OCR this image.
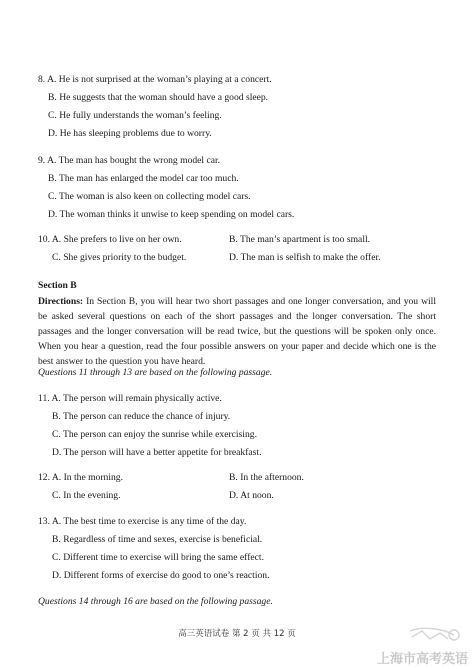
8. A. He is not surprised at the woman’s playing at a concert.
B. He suggests that the woman should have a good sleep.
C. He fully understands the woman’s feeling.
D. He has sleeping problems due to worry.
9. A. The man has bought the wrong model car.
B. The man has enlarged the model car too much.
C. The woman is also keen on collecting model cars.
D. The woman thinks it unwise to keep spending on model cars.
10. A. She prefers to live on her own.	B. The man’s apartment is too small.
C. She gives priority to the budget.	D. The man is selfish to make the offer.
Section B
Directions: In Section B, you will hear two short passages and one longer conversation, and you will be asked several questions on each of the short passages and the longer conversation. The short passages and the longer conversation will be read twice, but the questions will be spoken only once. When you hear a question, read the four possible answers on your paper and decide which one is the best answer to the question you have heard.
Questions 11 through 13 are based on the following passage.
11. A. The person will remain physically active.
B. The person can reduce the chance of injury.
C. The person can enjoy the sunrise while exercising.
D. The person will have a better appetite for breakfast.
12. A. In the morning.	B. In the afternoon.
C. In the evening.	D. At noon.
13. A. The best time to exercise is any time of the day.
B. Regardless of time and sexes, exercise is beneficial.
C. Different time to exercise will bring the same effect.
D. Different forms of exercise do good to one’s reaction.
Questions 14 through 16 are based on the following passage.
高三英语试卷 第 2 页 共 12 页
上海市高考英语
